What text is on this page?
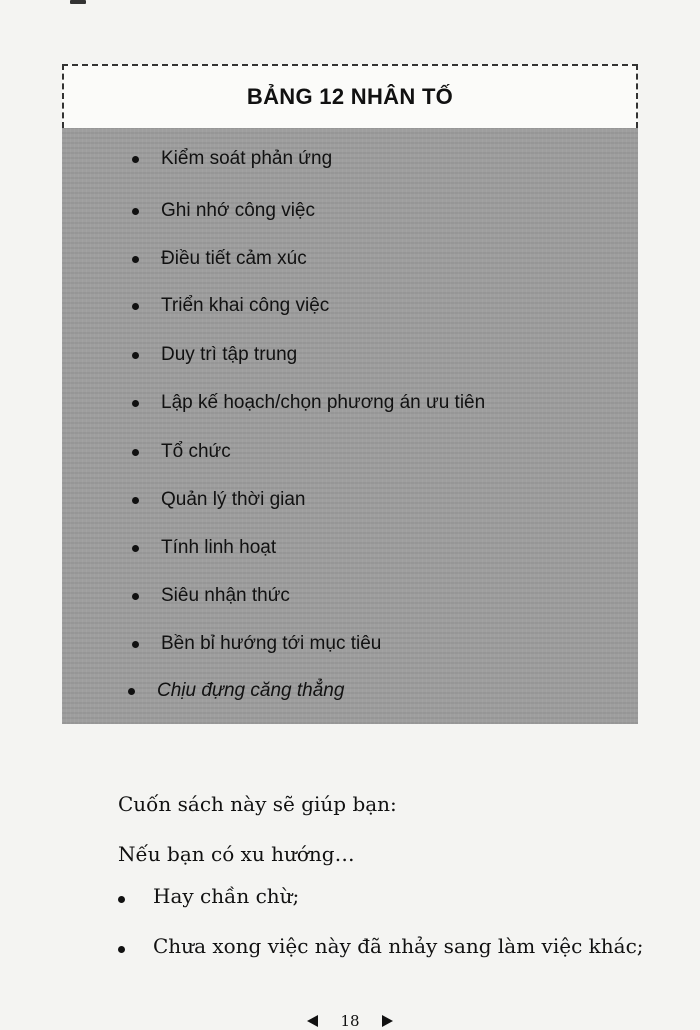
BẢNG 12 NHÂN TỐ
Kiểm soát phản ứng
Ghi nhớ công việc
Điều tiết cảm xúc
Triển khai công việc
Duy trì tập trung
Lập kế hoạch/chọn phương án ưu tiên
Tổ chức
Quản lý thời gian
Tính linh hoạt
Siêu nhận thức
Bền bỉ hướng tới mục tiêu
Chịu đựng căng thẳng
Cuốn sách này sẽ giúp bạn:
Nếu bạn có xu hướng…
Hay chần chừ;
Chưa xong việc này đã nhảy sang làm việc khác;
18
